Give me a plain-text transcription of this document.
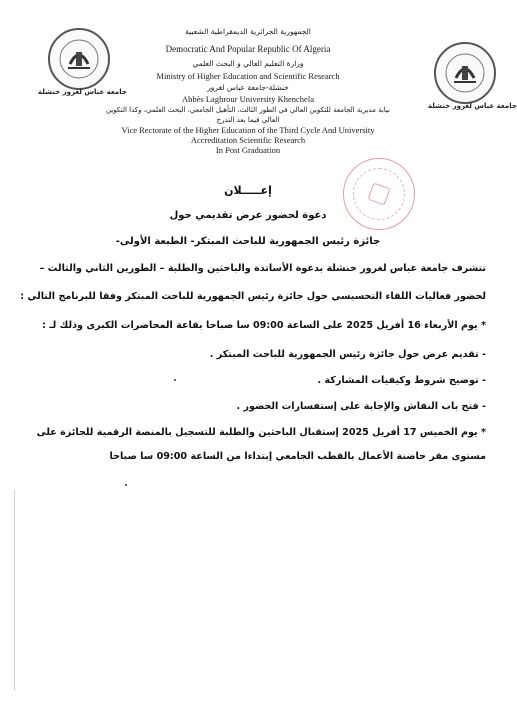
جامعة عباس لغرور خنشلة
جامعة عباس لغرور خنشلة
الجمهورية الجزائرية الديمقراطية الشعبية
Democratic And Popular Republic Of Algeria
وزارة التعليم العالي و البحث العلمي
Ministry of Higher Education and Scientific Research
خنشلة-جامعة عباس لغرور
Abbès Laghrour University Khenchela
نيابة مديرية الجامعة للتكوين العالي في الطور الثالث، التأهيل الجامعي، البحث العلمي، وكذا التكوين
العالي فيما بعد التدرج
Vice Rectorate of the Higher Education of the Third Cycle And University
Accreditation Scientific Research
In Post Graduation
إعـــــلان
دعوة لحضور عرض تقديمي حول
جائزة رئيس الجمهورية للباحث المبتكر- الطبعة الأولى-
تتشرف جامعة عباس لغرور خنشلة بدعوة الأساتذة والباحثين والطلبة – الطورين الثاني والثالث –
لحضور فعاليات اللقاء التحسيسي حول جائزة رئيس الجمهورية للباحث المبتكر وفقا للبرنامج التالي :
* يوم الأربعاء 16 أفريل 2025 على الساعة 09:00 سا صباحا بقاعة المحاضرات الكبرى وذلك لـ :
- تقديم عرض حول جائزة رئيس الجمهورية للباحث المبتكر .
- توضيح شروط وكيفيات المشاركة .
- فتح باب النقاش والإجابة على إستفسارات الحضور .
* يوم الخميس 17 أفريل 2025 إستقبال الباحثين والطلبة للتسجيل بالمنصة الرقمية للجائزة على
مستوى مقر حاضنة الأعمال بالقطب الجامعي إبتداءا من الساعة 09:00 سا صباحا
